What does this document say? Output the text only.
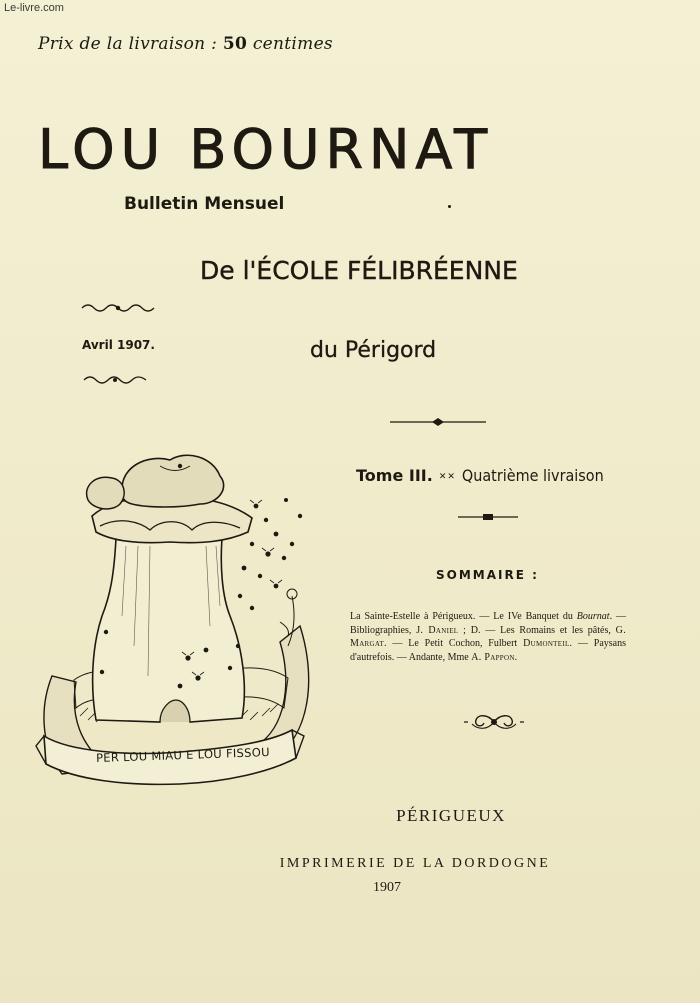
Le-livre.com
Prix de la livraison : 50 centimes
LOU BOURNAT
Bulletin Mensuel
De l'ÉCOLE FÉLIBRÉENNE
Avril 1907.	du Périgord
Tome III. ✕✕ Quatrième livraison
SOMMAIRE :
La Sainte-Estelle à Périgueux. — Le IVe Banquet du Bournat. — Bibliographies, J. Daniel ; D. — Les Romains et les pâtés, G. Margat. — Le Petit Cochon, Fulbert Dumonteil. — Paysans d'autrefois. — Andante, Mme A. Pappon.
PER LOU MIAU E LOU FISSOU
PÉRIGUEUX
IMPRIMERIE DE LA DORDOGNE
1907
